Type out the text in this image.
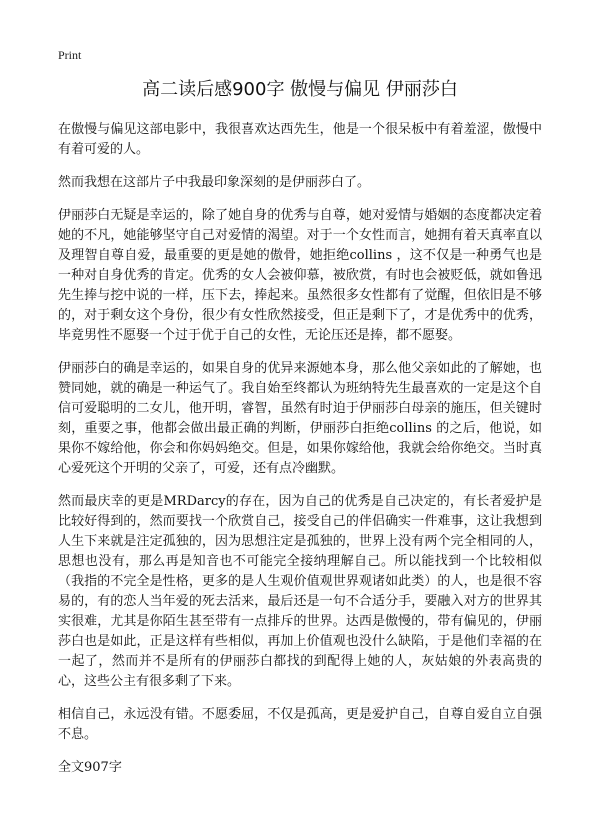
Print
高二读后感900字 傲慢与偏见 伊丽莎白

在傲慢与偏见这部电影中，我很喜欢达西先生，他是一个很呆板中有着羞涩，傲慢中有着可爱的人。

然而我想在这部片子中我最印象深刻的是伊丽莎白了。

伊丽莎白无疑是幸运的，除了她自身的优秀与自尊，她对爱情与婚姻的态度都决定着她的不凡，她能够坚守自己对爱情的渴望。对于一个女性而言，她拥有着天真率直以及理智自尊自爱，最重要的更是她的傲骨，她拒绝collins ，这不仅是一种勇气也是一种对自身优秀的肯定。优秀的女人会被仰慕，被欣赏，有时也会被贬低，就如鲁迅先生捧与挖中说的一样，压下去，捧起来。虽然很多女性都有了觉醒，但依旧是不够的，对于剩女这个身份，很少有女性欣然接受，但正是剩下了，才是优秀中的优秀，毕竟男性不愿娶一个过于优于自己的女性，无论压还是捧，都不愿娶。

伊丽莎白的确是幸运的，如果自身的优异来源她本身，那么他父亲如此的了解她，也赞同她，就的确是一种运气了。我自始至终都认为班纳特先生最喜欢的一定是这个自信可爱聪明的二女儿，他开明，睿智，虽然有时迫于伊丽莎白母亲的施压，但关键时刻，重要之事，他都会做出最正确的判断，伊丽莎白拒绝collins 的之后，他说，如果你不嫁给他，你会和你妈妈绝交。但是，如果你嫁给他，我就会给你绝交。当时真心爱死这个开明的父亲了，可爱，还有点冷幽默。

然而最庆幸的更是MRDarcy的存在，因为自己的优秀是自己决定的，有长者爱护是比较好得到的，然而要找一个欣赏自己，接受自己的伴侣确实一件难事，这让我想到人生下来就是注定孤独的，因为思想注定是孤独的，世界上没有两个完全相同的人，思想也没有，那么再是知音也不可能完全接纳理解自己。所以能找到一个比较相似（我指的不完全是性格，更多的是人生观价值观世界观诸如此类）的人，也是很不容易的，有的恋人当年爱的死去活来，最后还是一句不合适分手，要融入对方的世界其实很难，尤其是你陌生甚至带有一点排斥的世界。达西是傲慢的，带有偏见的，伊丽莎白也是如此，正是这样有些相似，再加上价值观也没什么缺陷，于是他们幸福的在一起了，然而并不是所有的伊丽莎白都找的到配得上她的人，灰姑娘的外表高贵的心，这些公主有很多剩了下来。

相信自己，永远没有错。不愿委屈，不仅是孤高，更是爱护自己，自尊自爱自立自强不息。

全文907字
